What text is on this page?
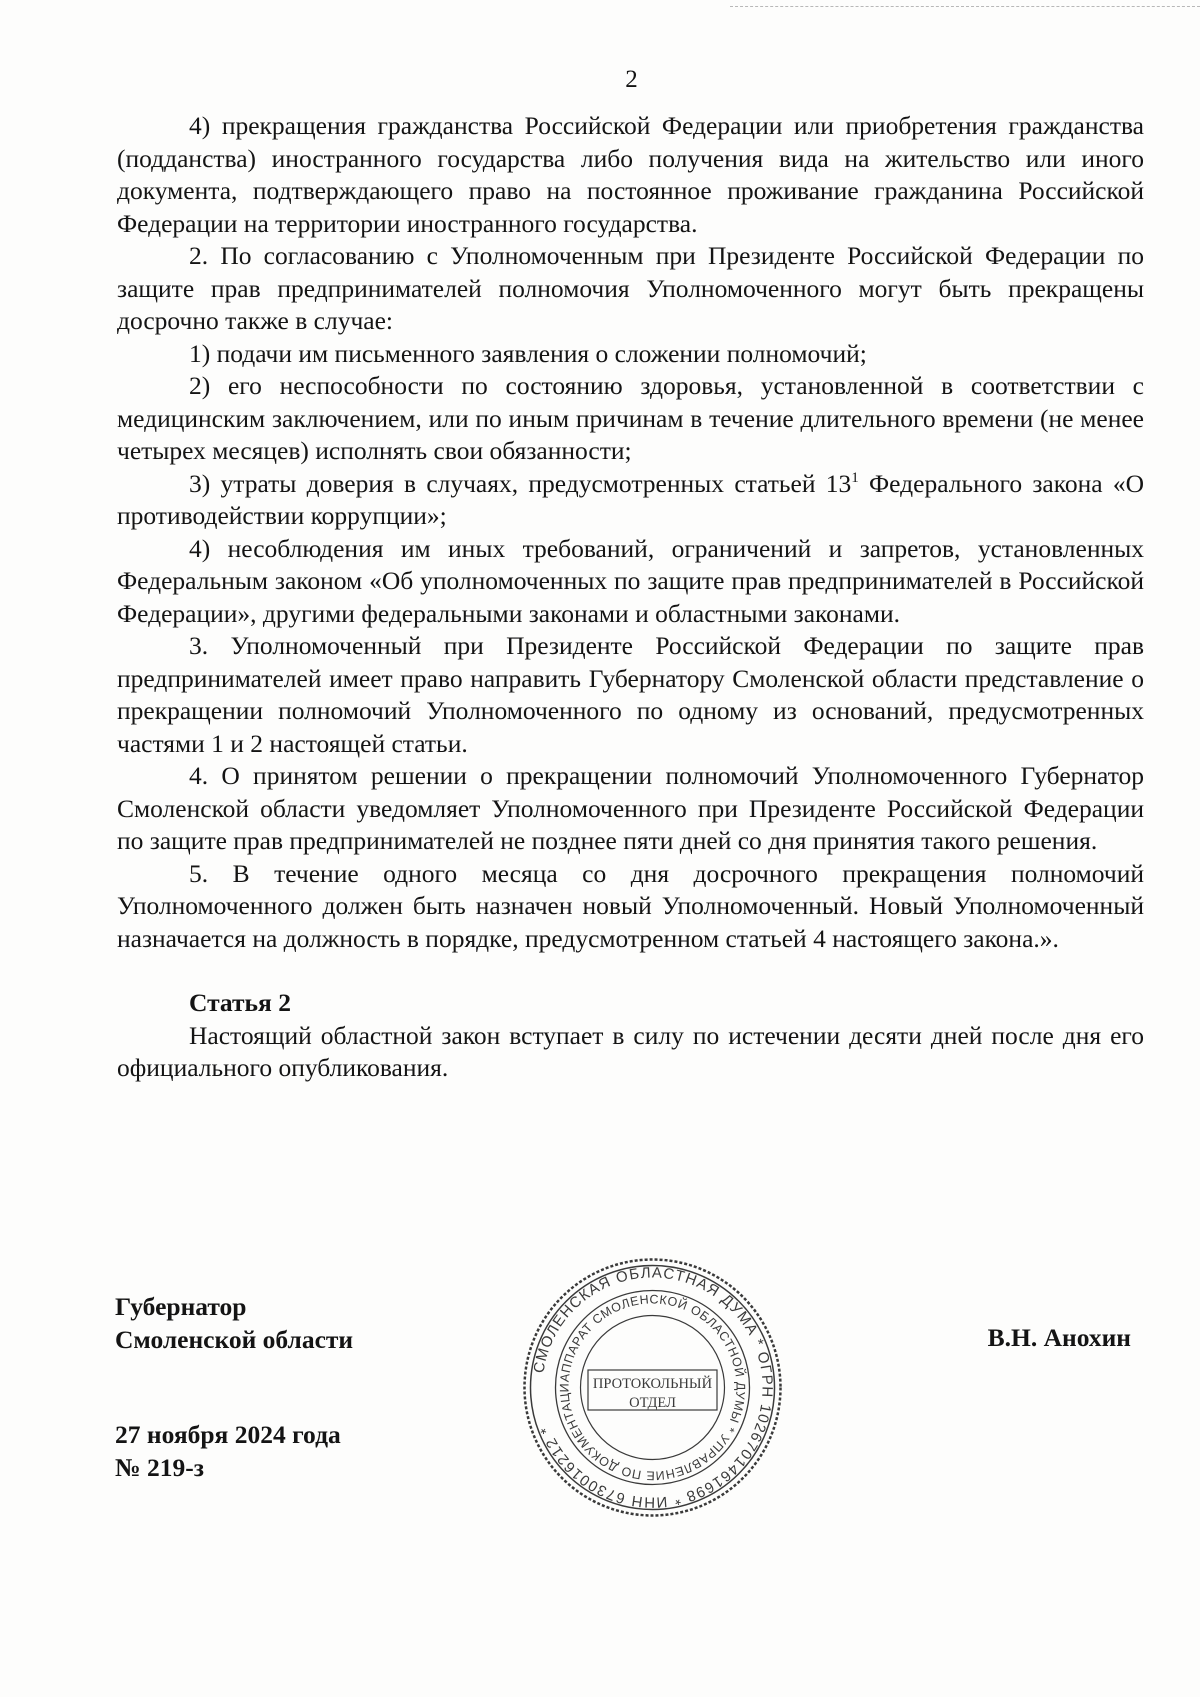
2

4) прекращения гражданства Российской Федерации или приобретения гражданства (подданства) иностранного государства либо получения вида на жительство или иного документа, подтверждающего право на постоянное проживание гражданина Российской Федерации на территории иностранного государства.

2. По согласованию с Уполномоченным при Президенте Российской Федерации по защите прав предпринимателей полномочия Уполномоченного могут быть прекращены досрочно также в случае:

1) подачи им письменного заявления о сложении полномочий;

2) его неспособности по состоянию здоровья, установленной в соответствии с медицинским заключением, или по иным причинам в течение длительного времени (не менее четырех месяцев) исполнять свои обязанности;

3) утраты доверия в случаях, предусмотренных статьей $13^1$ Федерального закона «О противодействии коррупции»;

4) несоблюдения им иных требований, ограничений и запретов, установленных Федеральным законом «Об уполномоченных по защите прав предпринимателей в Российской Федерации», другими федеральными законами и областными законами.

3. Уполномоченный при Президенте Российской Федерации по защите прав предпринимателей имеет право направить Губернатору Смоленской области представление о прекращении полномочий Уполномоченного по одному из оснований, предусмотренных частями 1 и 2 настоящей статьи.

4. О принятом решении о прекращении полномочий Уполномоченного Губернатор Смоленской области уведомляет Уполномоченного при Президенте Российской Федерации по защите прав предпринимателей не позднее пяти дней со дня принятия такого решения.

5. В течение одного месяца со дня досрочного прекращения полномочий Уполномоченного должен быть назначен новый Уполномоченный. Новый Уполномоченный назначается на должность в порядке, предусмотренном статьей 4 настоящего закона.».

Статья 2

Настоящий областной закон вступает в силу по истечении десяти дней после дня его официального опубликования.

Губернатор
Смоленской области	В.Н. Анохин
27 ноября 2024 года
№ 219-з
СМОЛЕНСКАЯ ОБЛАСТНАЯ ДУМА * ОГРН 1026701461698 * ИНН 6730016212 *
АППАРАТ СМОЛЕНСКОЙ ОБЛАСТНОЙ ДУМЫ * УПРАВЛЕНИЕ ПО ДОКУМЕНТАЦИ	ПРОТОКОЛЬНЫЙ
ОТДЕЛ
